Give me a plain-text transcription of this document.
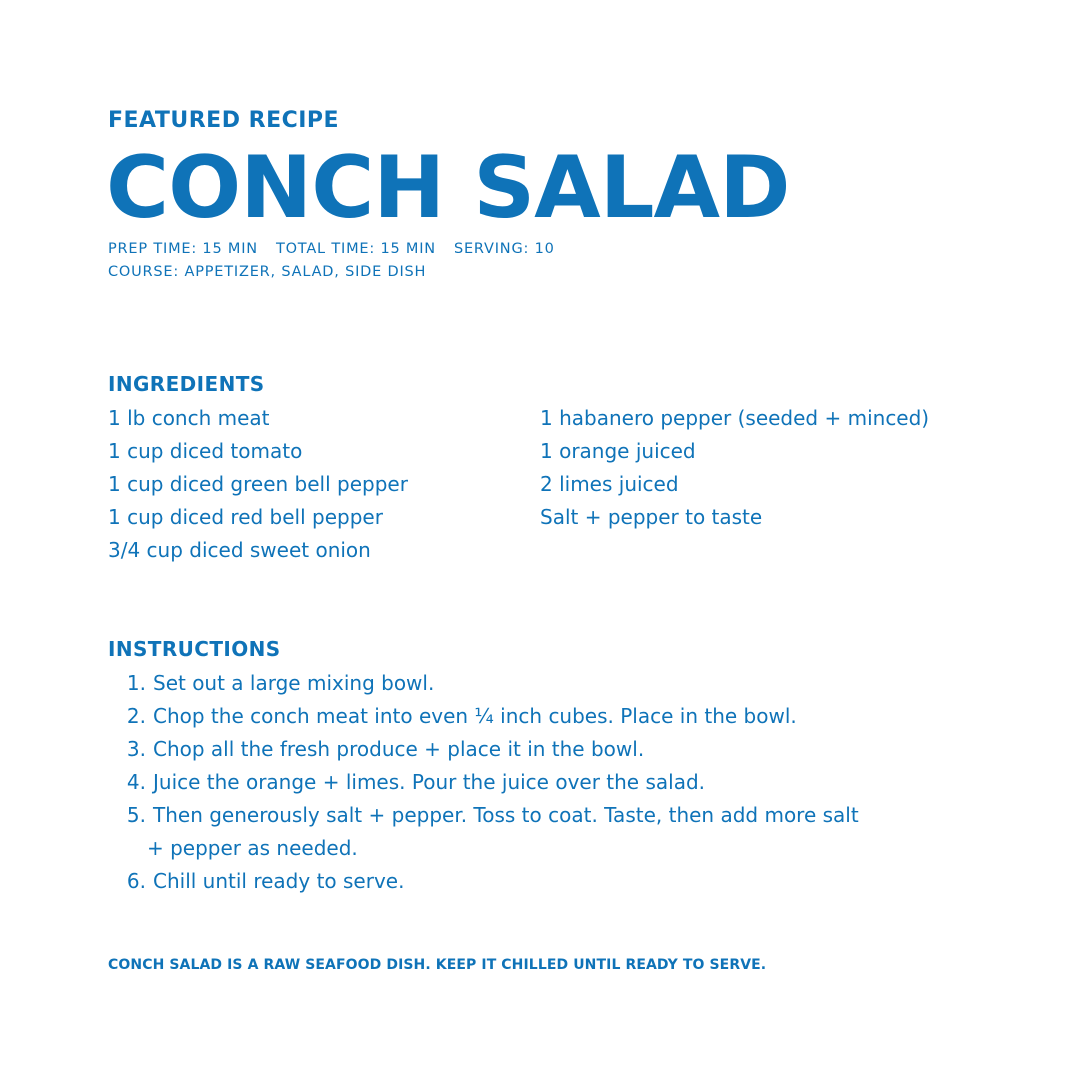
FEATURED RECIPE
CONCH SALAD
PREP TIME: 15 MIN TOTAL TIME: 15 MIN SERVING: 10
COURSE: APPETIZER, SALAD, SIDE DISH
INGREDIENTS
1 lb conch meat
1 cup diced tomato
1 cup diced green bell pepper
1 cup diced red bell pepper
3/4 cup diced sweet onion
1 habanero pepper (seeded + minced)
1 orange juiced
2 limes juiced
Salt + pepper to taste
INSTRUCTIONS
1. Set out a large mixing bowl.
2. Chop the conch meat into even ¼ inch cubes. Place in the bowl.
3. Chop all the fresh produce + place it in the bowl.
4. Juice the orange + limes. Pour the juice over the salad.
5. Then generously salt + pepper. Toss to coat. Taste, then add more salt
+ pepper as needed.
6. Chill until ready to serve.
CONCH SALAD IS A RAW SEAFOOD DISH. KEEP IT CHILLED UNTIL READY TO SERVE.
